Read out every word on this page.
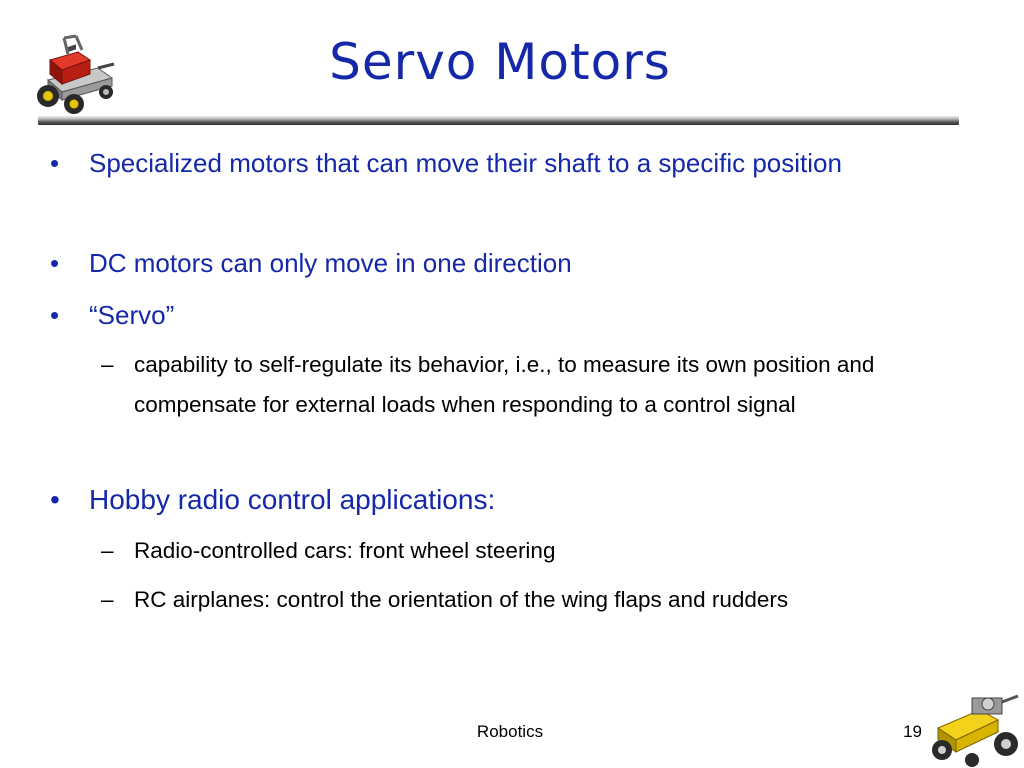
Servo Motors
• Specialized motors that can move their shaft to a specific position
• DC motors can only move in one direction
• “Servo”
– capability to self-regulate its behavior, i.e., to measure its own position and compensate for external loads when responding to a control signal
• Hobby radio control applications:
– Radio-controlled cars: front wheel steering
– RC airplanes: control the orientation of the wing flaps and rudders
Robotics	19
